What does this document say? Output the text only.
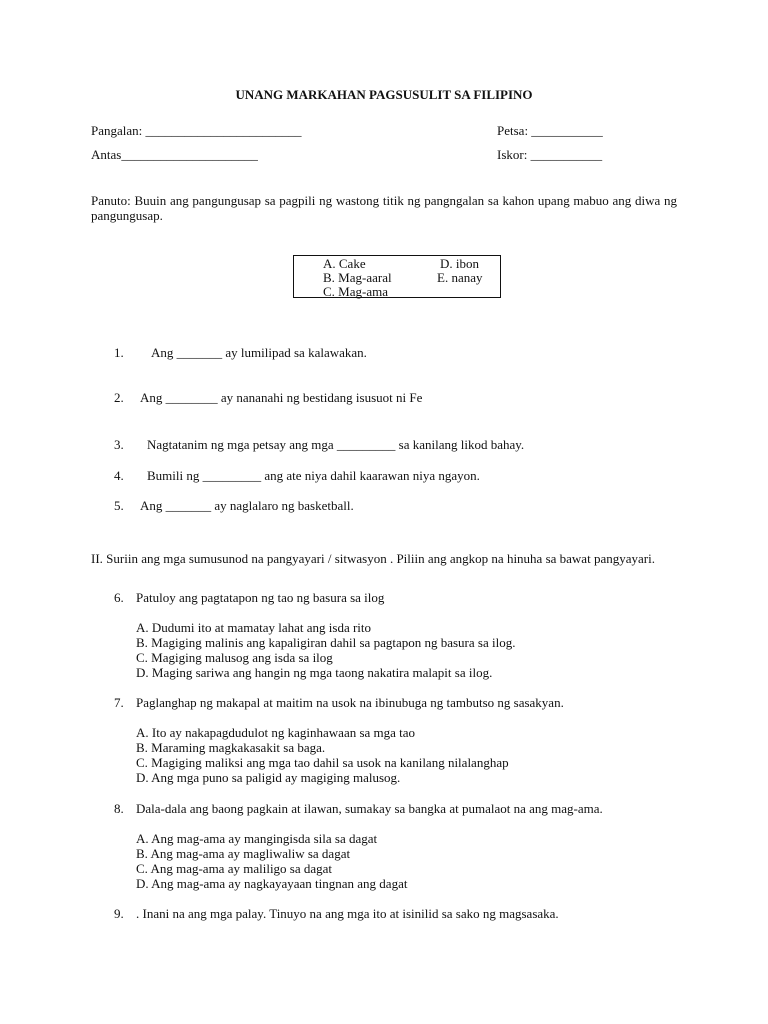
UNANG MARKAHAN PAGSUSULIT SA FILIPINO
Pangalan: ________________________	Petsa: ___________
Antas_____________________	Iskor: ___________
Panuto: Buuin ang pangungusap sa pagpili ng wastong titik ng pangngalan sa kahon upang mabuo ang diwa ng pangungusap.
A. Cake
B. Mag-aaral
C. Mag-ama
D. ibon
E. nanay
1. Ang _______ ay lumilipad sa kalawakan.
2. Ang ________ ay nananahi ng bestidang isusuot ni Fe
3. Nagtatanim ng mga petsay ang mga _________ sa kanilang likod bahay.
4. Bumili ng _________ ang ate niya dahil kaarawan niya ngayon.
5. Ang _______ ay naglalaro ng basketball.
II. Suriin ang mga sumusunod na pangyayari / sitwasyon . Piliin ang angkop na hinuha sa bawat pangyayari.
6. Patuloy ang pagtatapon ng tao ng basura sa ilog
A. Dudumi ito at mamatay lahat ang isda rito
B. Magiging malinis ang kapaligiran dahil sa pagtapon ng basura sa ilog.
C. Magiging malusog ang isda sa ilog
D. Maging sariwa ang hangin ng mga taong nakatira malapit sa ilog.
7. Paglanghap ng makapal at maitim na usok na ibinubuga ng tambutso ng sasakyan.
A. Ito ay nakapagdudulot ng kaginhawaan sa mga tao
B. Maraming magkakasakit sa baga.
C. Magiging maliksi ang mga tao dahil sa usok na kanilang nilalanghap
D. Ang mga puno sa paligid ay magiging malusog.
8. Dala-dala ang baong pagkain at ilawan, sumakay sa bangka at pumalaot na ang mag-ama.
A. Ang mag-ama ay mangingisda sila sa dagat
B. Ang mag-ama ay magliwaliw sa dagat
C. Ang mag-ama ay maliligo sa dagat
D. Ang mag-ama ay nagkayayaan tingnan ang dagat
9. . Inani na ang mga palay. Tinuyo na ang mga ito at isinilid sa sako ng magsasaka.
